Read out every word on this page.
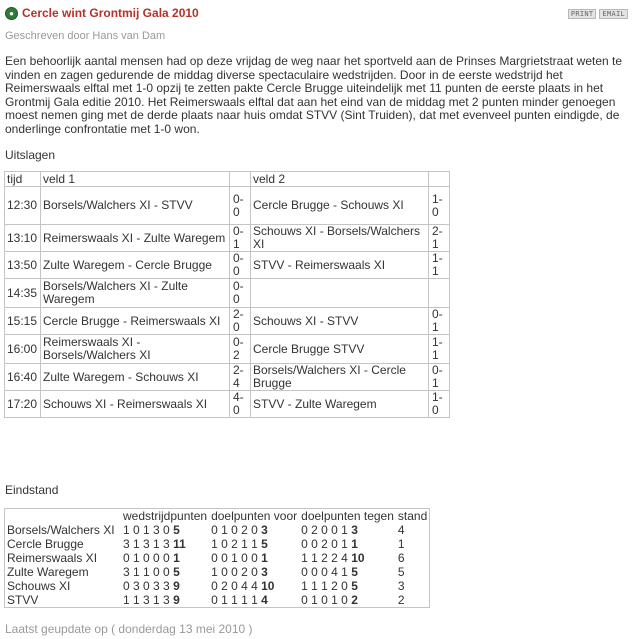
● Cercle wint Grontmij Gala 2010	PRINT	EMAIL
Geschreven door Hans van Dam
Een behoorlijk aantal mensen had op deze vrijdag de weg naar het sportveld aan de Prinses Margrietstraat weten te vinden en zagen gedurende de middag diverse spectaculaire wedstrijden. Door in de eerste wedstrijd het Reimerswaals elftal met 1-0 opzij te zetten pakte Cercle Brugge uiteindelijk met 11 punten de eerste plaats in het Grontmij Gala editie 2010. Het Reimerswaals elftal dat aan het eind van de middag met 2 punten minder genoegen moest nemen ging met de derde plaats naar huis omdat STVV (Sint Truiden), dat met evenveel punten eindigde, de onderlinge confrontatie met 1-0 won.
Uitslagen
tijd	veld 1		veld 2	
12:30	Borsels/Walchers XI - STVV	0-0	Cercle Brugge - Schouws XI	1-0
13:10	Reimerswaals XI - Zulte Waregem	0-1	Schouws XI - Borsels/Walchers XI	2-1
13:50	Zulte Waregem - Cercle Brugge	0-0	STVV - Reimerswaals XI	1-1
14:35	Borsels/Walchers XI - Zulte Waregem	0-0		
15:15	Cercle Brugge - Reimerswaals XI	2-0	Schouws XI - STVV	0-1
16:00	Reimerswaals XI - Borsels/Walchers XI	0-2	Cercle Brugge STVV	1-1
16:40	Zulte Waregem - Schouws XI	2-4	Borsels/Walchers XI - Cercle Brugge	0-1
17:20	Schouws XI - Reimerswaals XI	4-0	STVV - Zulte Waregem	1-0
Eindstand
	wedstrijdpunten	doelpunten voor	doelpunten tegen	stand
Borsels/Walchers XI	1 0 1 3 0 5	0 1 0 2 0 3	0 2 0 0 1 3	4
Cercle Brugge	3 1 3 1 3 11	1 0 2 1 1 5	0 0 2 0 1 1	1
Reimerswaals XI	0 1 0 0 0 1	0 0 1 0 0 1	1 1 2 2 4 10	6
Zulte Waregem	3 1 1 0 0 5	1 0 0 2 0 3	0 0 0 4 1 5	5
Schouws XI	0 3 0 3 3 9	0 2 0 4 4 10	1 1 1 2 0 5	3
STVV	1 1 3 1 3 9	0 1 1 1 1 4	0 1 0 1 0 2	2
Laatst geupdate op ( donderdag 13 mei 2010 )
